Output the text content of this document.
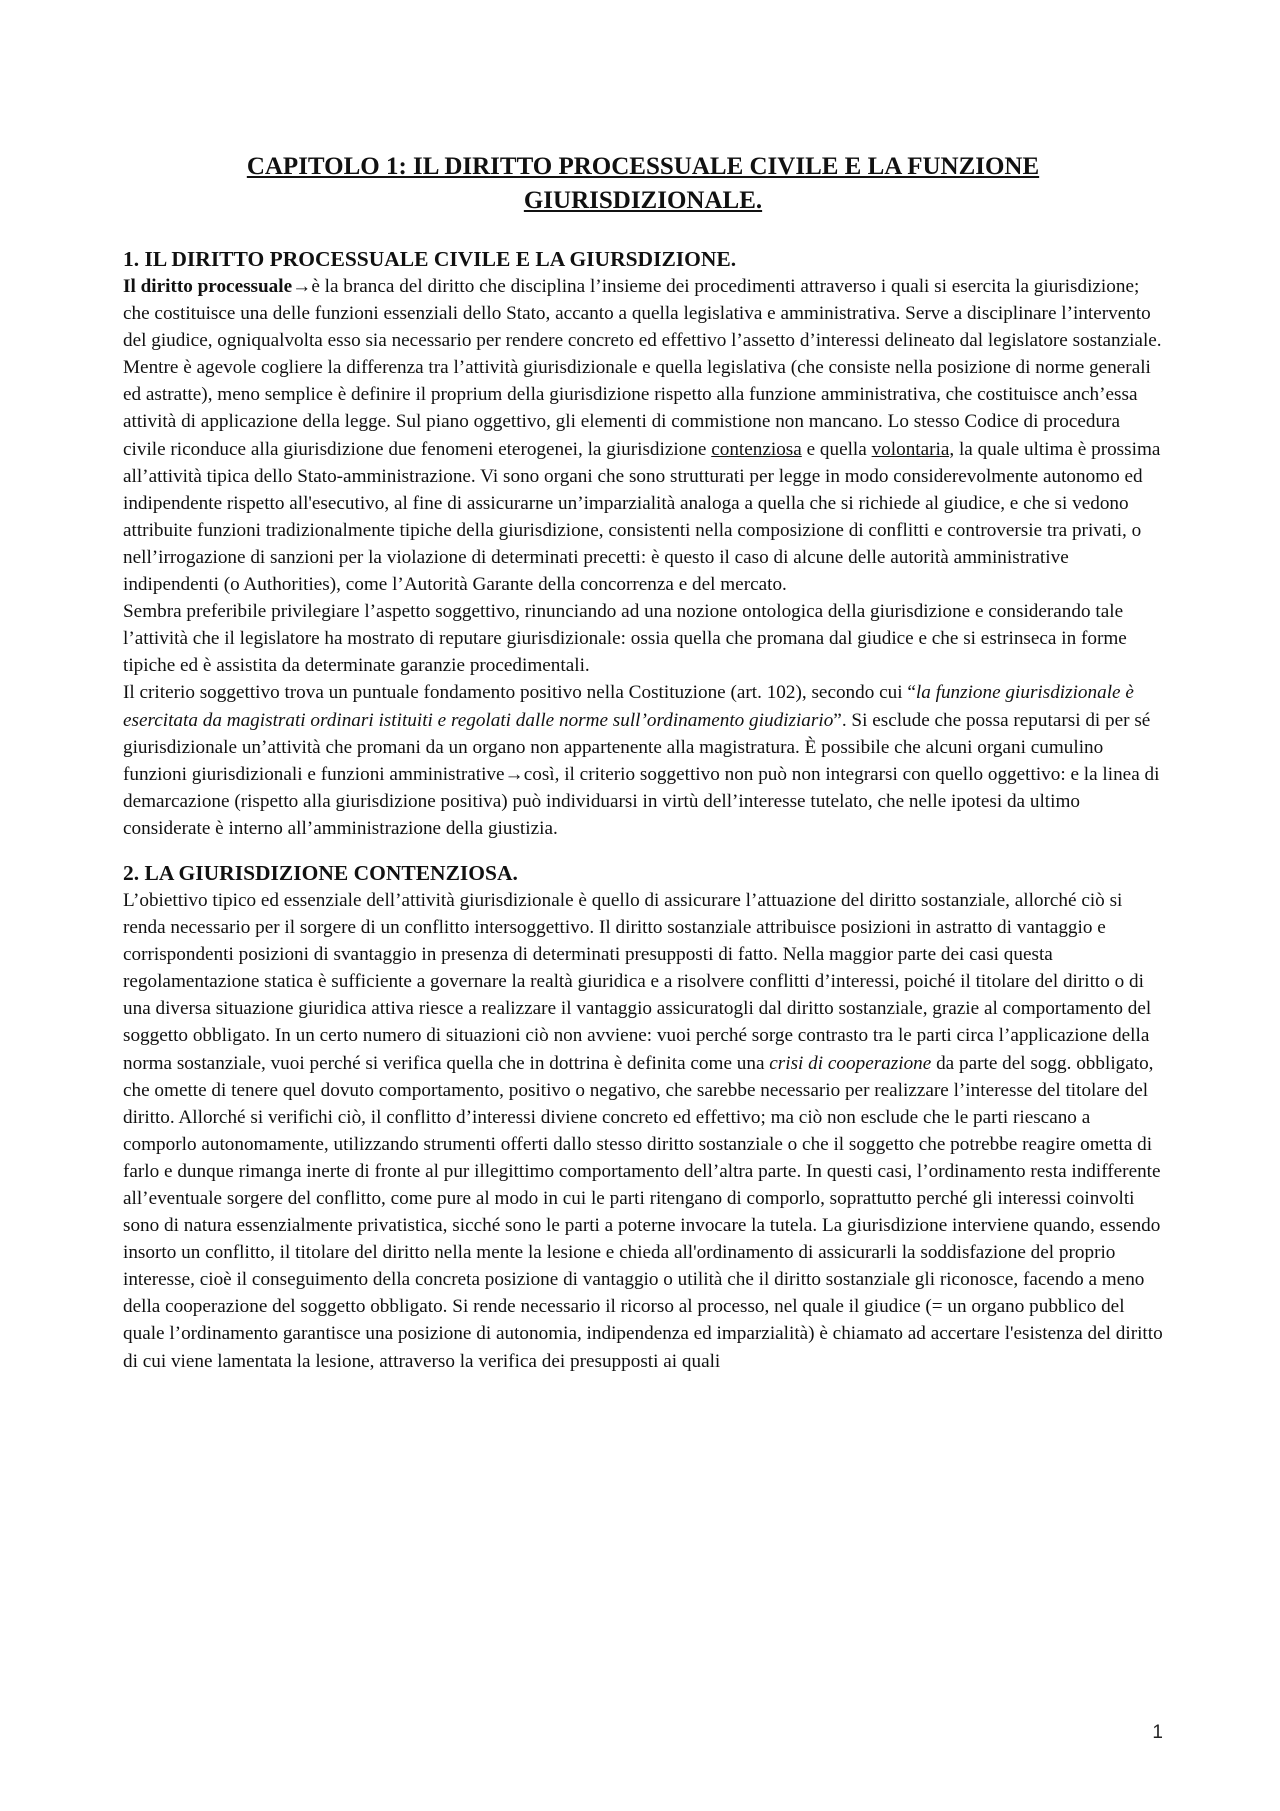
CAPITOLO 1: IL DIRITTO PROCESSUALE CIVILE E LA FUNZIONE GIURISDIZIONALE.
1. IL DIRITTO PROCESSUALE CIVILE E LA GIURSDIZIONE.

Il diritto processuale→è la branca del diritto che disciplina l’insieme dei procedimenti attraverso i quali si esercita la giurisdizione; che costituisce una delle funzioni essenziali dello Stato, accanto a quella legislativa e amministrativa. Serve a disciplinare l’intervento del giudice, ogniqualvolta esso sia necessario per rendere concreto ed effettivo l’assetto d’interessi delineato dal legislatore sostanziale.

Mentre è agevole cogliere la differenza tra l’attività giurisdizionale e quella legislativa (che consiste nella posizione di norme generali ed astratte), meno semplice è definire il proprium della giurisdizione rispetto alla funzione amministrativa, che costituisce anch’essa attività di applicazione della legge. Sul piano oggettivo, gli elementi di commistione non mancano. Lo stesso Codice di procedura civile riconduce alla giurisdizione due fenomeni eterogenei, la giurisdizione contenziosa e quella volontaria, la quale ultima è prossima all’attività tipica dello Stato-amministrazione. Vi sono organi che sono strutturati per legge in modo considerevolmente autonomo ed indipendente rispetto all'esecutivo, al fine di assicurarne un’imparzialità analoga a quella che si richiede al giudice, e che si vedono attribuite funzioni tradizionalmente tipiche della giurisdizione, consistenti nella composizione di conflitti e controversie tra privati, o nell’irrogazione di sanzioni per la violazione di determinati precetti: è questo il caso di alcune delle autorità amministrative indipendenti (o Authorities), come l’Autorità Garante della concorrenza e del mercato.

Sembra preferibile privilegiare l’aspetto soggettivo, rinunciando ad una nozione ontologica della giurisdizione e considerando tale l’attività che il legislatore ha mostrato di reputare giurisdizionale: ossia quella che promana dal giudice e che si estrinseca in forme tipiche ed è assistita da determinate garanzie procedimentali.

Il criterio soggettivo trova un puntuale fondamento positivo nella Costituzione (art. 102), secondo cui “la funzione giurisdizionale è esercitata da magistrati ordinari istituiti e regolati dalle norme sull’ordinamento giudiziario”. Si esclude che possa reputarsi di per sé giurisdizionale un’attività che promani da un organo non appartenente alla magistratura. È possibile che alcuni organi cumulino funzioni giurisdizionali e funzioni amministrative→così, il criterio soggettivo non può non integrarsi con quello oggettivo: e la linea di demarcazione (rispetto alla giurisdizione positiva) può individuarsi in virtù dell’interesse tutelato, che nelle ipotesi da ultimo considerate è interno all’amministrazione della giustizia.

2. LA GIURISDIZIONE CONTENZIOSA.

L’obiettivo tipico ed essenziale dell’attività giurisdizionale è quello di assicurare l’attuazione del diritto sostanziale, allorché ciò si renda necessario per il sorgere di un conflitto intersoggettivo. Il diritto sostanziale attribuisce posizioni in astratto di vantaggio e corrispondenti posizioni di svantaggio in presenza di determinati presupposti di fatto. Nella maggior parte dei casi questa regolamentazione statica è sufficiente a governare la realtà giuridica e a risolvere conflitti d’interessi, poiché il titolare del diritto o di una diversa situazione giuridica attiva riesce a realizzare il vantaggio assicuratogli dal diritto sostanziale, grazie al comportamento del soggetto obbligato. In un certo numero di situazioni ciò non avviene: vuoi perché sorge contrasto tra le parti circa l’applicazione della norma sostanziale, vuoi perché si verifica quella che in dottrina è definita come una crisi di cooperazione da parte del sogg. obbligato, che omette di tenere quel dovuto comportamento, positivo o negativo, che sarebbe necessario per realizzare l’interesse del titolare del diritto. Allorché si verifichi ciò, il conflitto d’interessi diviene concreto ed effettivo; ma ciò non esclude che le parti riescano a comporlo autonomamente, utilizzando strumenti offerti dallo stesso diritto sostanziale o che il soggetto che potrebbe reagire ometta di farlo e dunque rimanga inerte di fronte al pur illegittimo comportamento dell’altra parte. In questi casi, l’ordinamento resta indifferente all’eventuale sorgere del conflitto, come pure al modo in cui le parti ritengano di comporlo, soprattutto perché gli interessi coinvolti sono di natura essenzialmente privatistica, sicché sono le parti a poterne invocare la tutela. La giurisdizione interviene quando, essendo insorto un conflitto, il titolare del diritto nella mente la lesione e chieda all'ordinamento di assicurarli la soddisfazione del proprio interesse, cioè il conseguimento della concreta posizione di vantaggio o utilità che il diritto sostanziale gli riconosce, facendo a meno della cooperazione del soggetto obbligato. Si rende necessario il ricorso al processo, nel quale il giudice (= un organo pubblico del quale l’ordinamento garantisce una posizione di autonomia, indipendenza ed imparzialità) è chiamato ad accertare l'esistenza del diritto di cui viene lamentata la lesione, attraverso la verifica dei presupposti ai quali

1
